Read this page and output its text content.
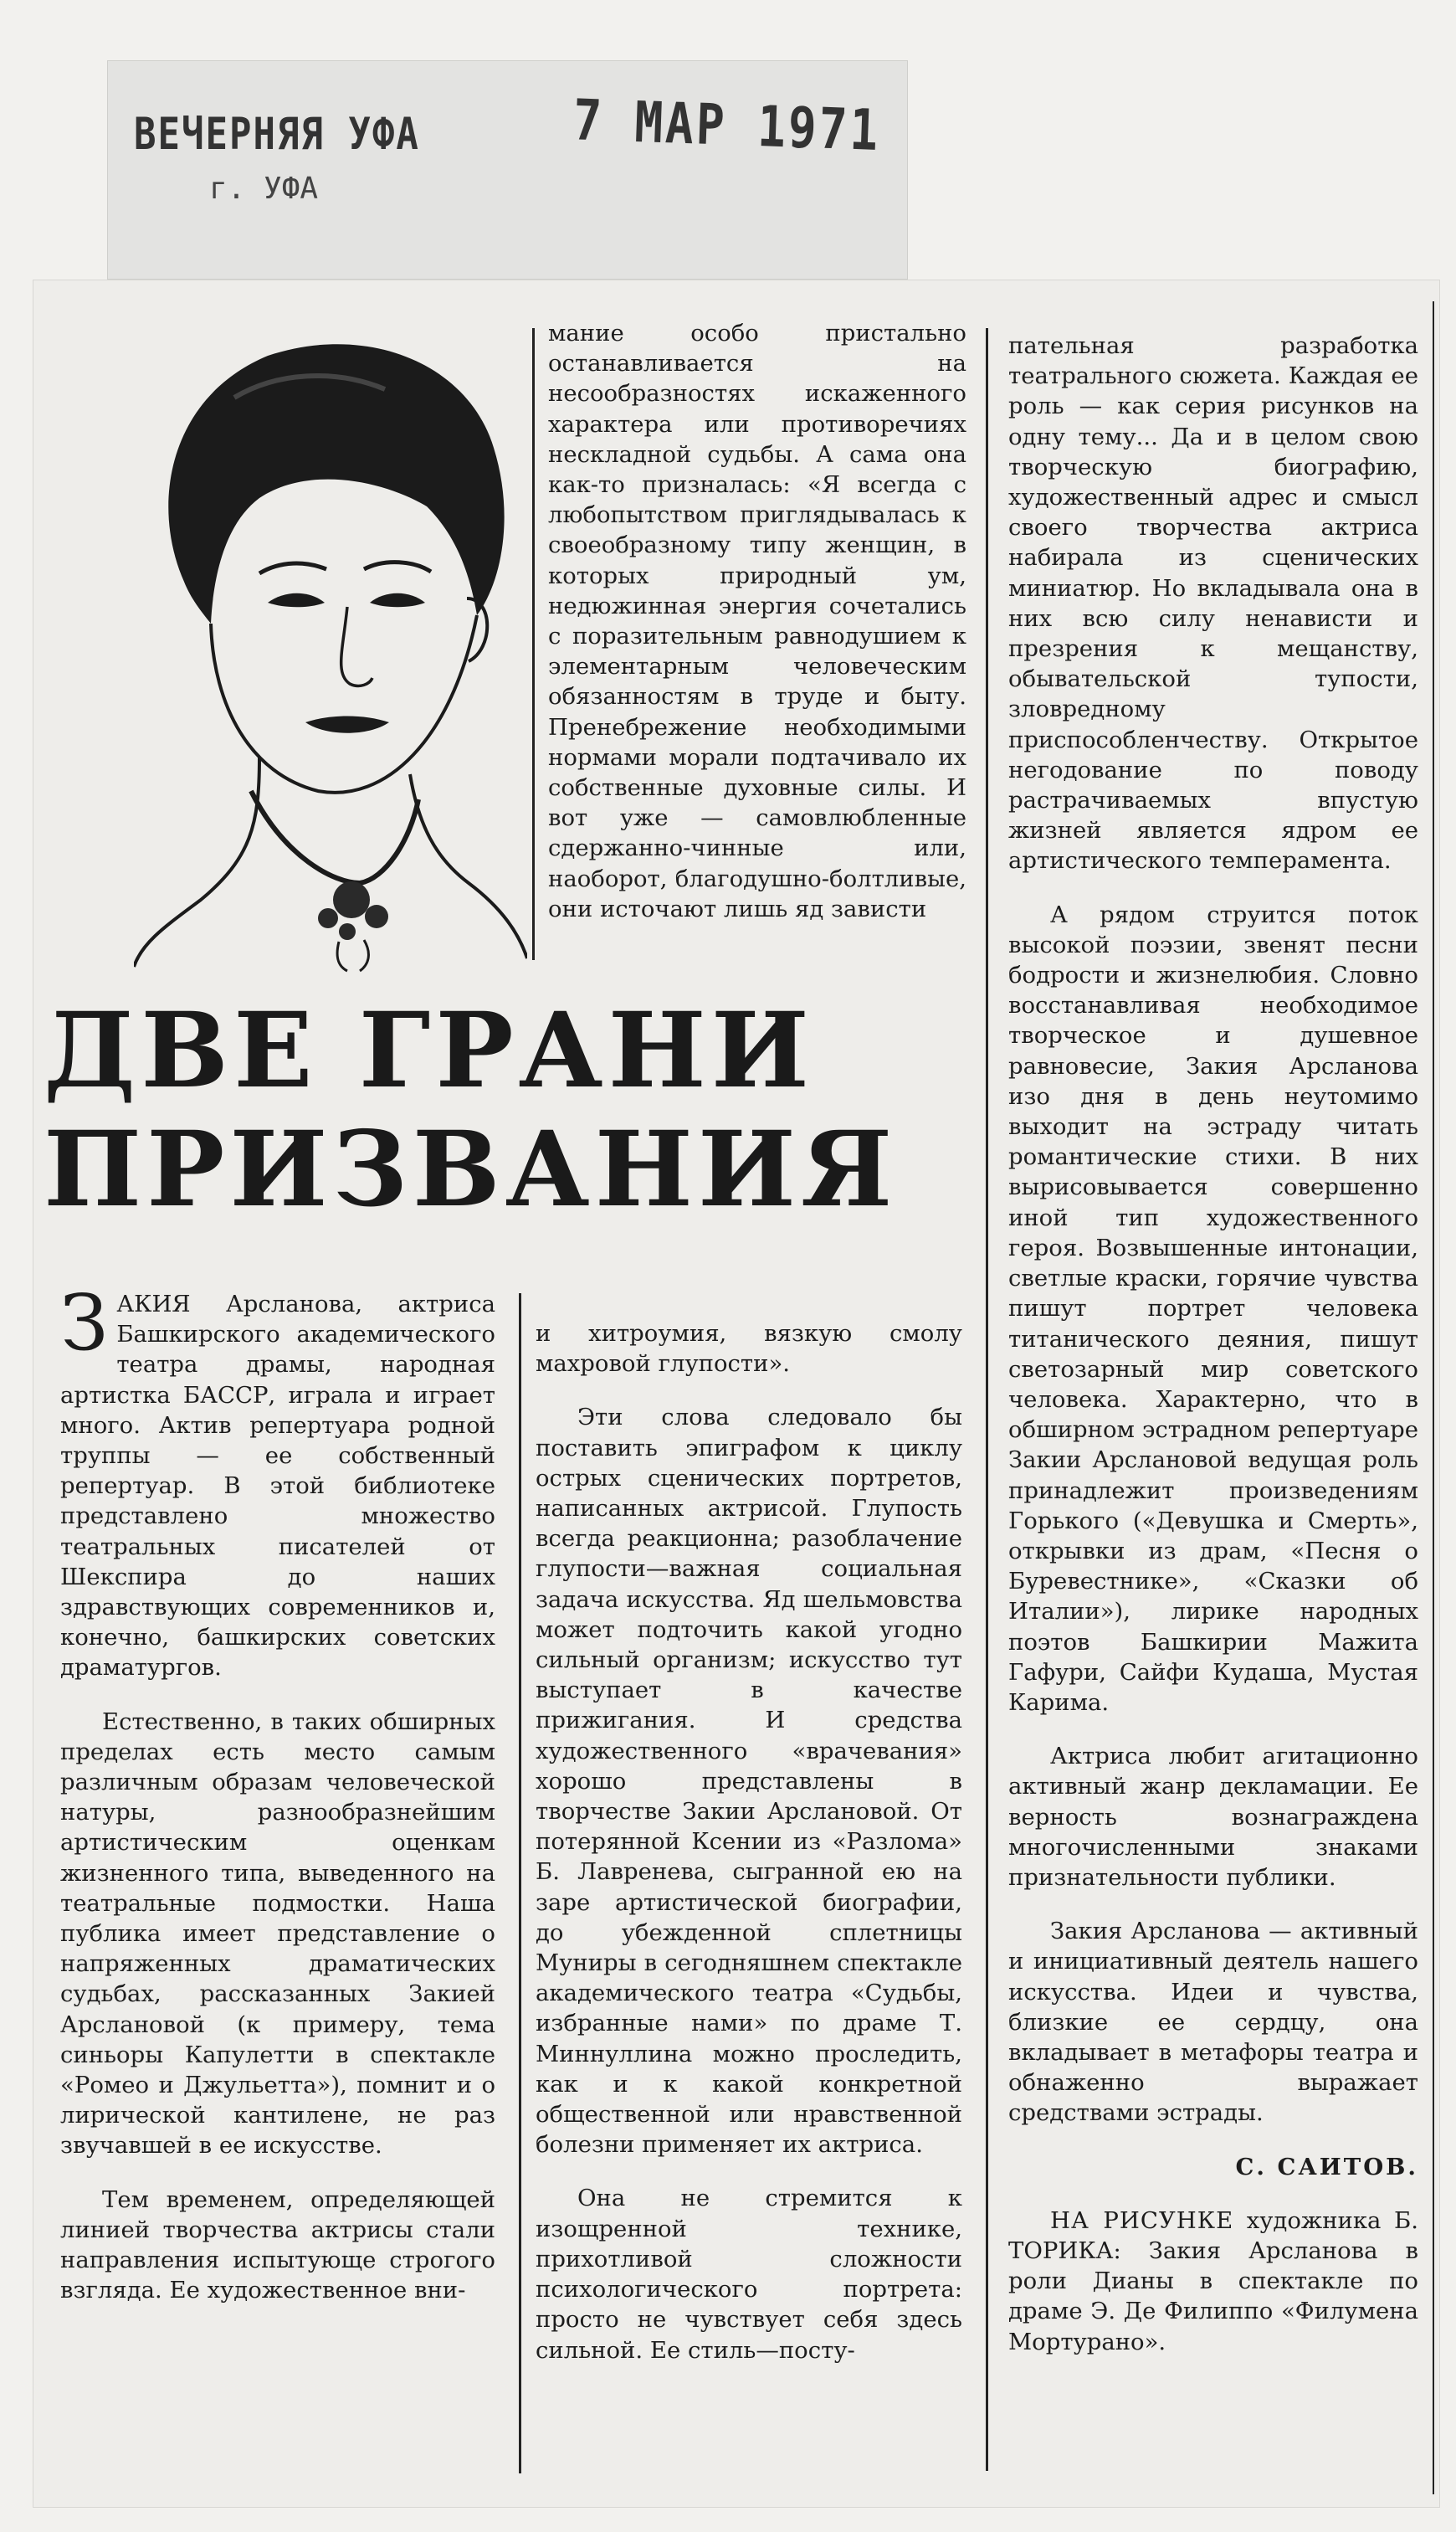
ВЕЧЕРНЯЯ УФА
г. УФА
7 МАР 1971
ДВЕ ГРАНИ
ПРИЗВАНИЯ

ЗАКИЯ Арсланова, актриса Башкирского академического театра драмы, народная артистка БАССР, играла и играет много. Актив репертуара родной труппы — ее собственный репертуар. В этой библиотеке представлено множество театральных писателей от Шекспира до наших здравствующих современников и, конечно, башкирских советских драматургов.

Естественно, в таких обширных пределах есть место самым различным образам человеческой натуры, разнообразнейшим артистическим оценкам жизненного типа, выведенного на театральные подмостки. Наша публика имеет представление о напряженных драматических судьбах, рассказанных Закией Арслановой (к примеру, тема синьоры Капулетти в спектакле «Ромео и Джульетта»), помнит и о лирической кантилене, не раз звучавшей в ее искусстве.

Тем временем, определяющей линией творчества актрисы стали направления испытующе строгого взгляда. Ее художественное вни-

мание особо пристально останавливается на несообразностях искаженного характера или противоречиях нескладной судьбы. А сама она как-то призналась: «Я всегда с любопытством приглядывалась к своеобразному типу женщин, в которых природный ум, недюжинная энергия сочетались с поразительным равнодушием к элементарным человеческим обязанностям в труде и быту. Пренебрежение необходимыми нормами морали подтачивало их собственные духовные силы. И вот уже — самовлюбленные сдержанно-чинные или, наоборот, благодушно-болтливые, они источают лишь яд зависти

и хитроумия, вязкую смолу махровой глупости».

Эти слова следовало бы поставить эпиграфом к циклу острых сценических портретов, написанных актрисой. Глупость всегда реакционна; разоблачение глупости—важная социальная задача искусства. Яд шельмовства может подточить какой угодно сильный организм; искусство тут выступает в качестве прижигания. И средства художественного «врачевания» хорошо представлены в творчестве Закии Арслановой. От потерянной Ксении из «Разлома» Б. Лавренева, сыгранной ею на заре артистической биографии, до убежденной сплетницы Муниры в сегодняшнем спектакле академического театра «Судьбы, избранные нами» по драме Т. Миннуллина можно проследить, как и к какой конкретной общественной или нравственной болезни применяет их актриса.

Она не стремится к изощренной технике, прихотливой сложности психологического портрета: просто не чувствует себя здесь сильной. Ее стиль—посту-

пательная разработка театрального сюжета. Каждая ее роль — как серия рисунков на одну тему... Да и в целом свою творческую биографию, художественный адрес и смысл своего творчества актриса набирала из сценических миниатюр. Но вкладывала она в них всю силу ненависти и презрения к мещанству, обывательской тупости, зловредному приспособленчеству. Открытое негодование по поводу растрачиваемых впустую жизней является ядром ее артистического темперамента.

А рядом струится поток высокой поэзии, звенят песни бодрости и жизнелюбия. Словно восстанавливая необходимое творческое и душевное равновесие, Закия Арсланова изо дня в день неутомимо выходит на эстраду читать романтические стихи. В них вырисовывается совершенно иной тип художественного героя. Возвышенные интонации, светлые краски, горячие чувства пишут портрет человека титанического деяния, пишут светозарный мир советского человека. Характерно, что в обширном эстрадном репертуаре Закии Арслановой ведущая роль принадлежит произведениям Горького («Девушка и Смерть», открывки из драм, «Песня о Буревестнике», «Сказки об Италии»), лирике народных поэтов Башкирии Мажита Гафури, Сайфи Кудаша, Мустая Карима.

Актриса любит агитационно активный жанр декламации. Ее верность вознаграждена многочисленными знаками признательности публики.

Закия Арсланова — активный и инициативный деятель нашего искусства. Идеи и чувства, близкие ее сердцу, она вкладывает в метафоры театра и обнаженно выражает средствами эстрады.

С. САИТОВ.

НА РИСУНКЕ художника Б. ТОРИКА: Закия Арсланова в роли Дианы в спектакле по драме Э. Де Филиппо «Филумена Мортурано».
